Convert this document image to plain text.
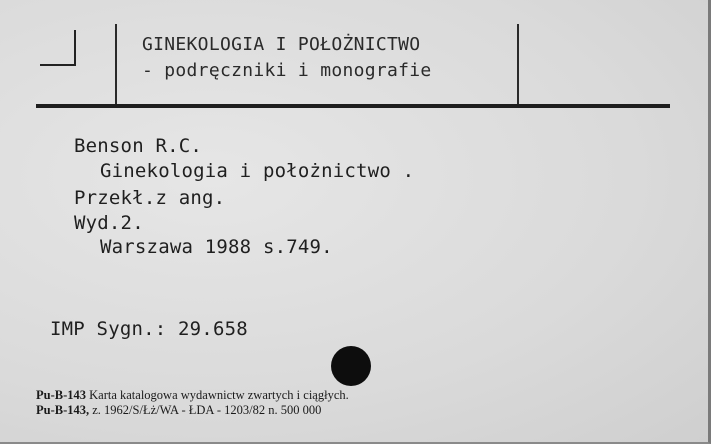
GINEKOLOGIA I POŁOŻNICTWO
- podręczniki i monografie
Benson R.C.
Ginekologia i położnictwo .
Przekł.z ang.
Wyd.2.
Warszawa 1988 s.749.
IMP Sygn.: 29.658
Pu-B-143 Karta katalogowa wydawnictw zwartych i ciągłych.
Pu-B-143, z. 1962/S/Łż/WA - ŁDA - 1203/82 n. 500 000
